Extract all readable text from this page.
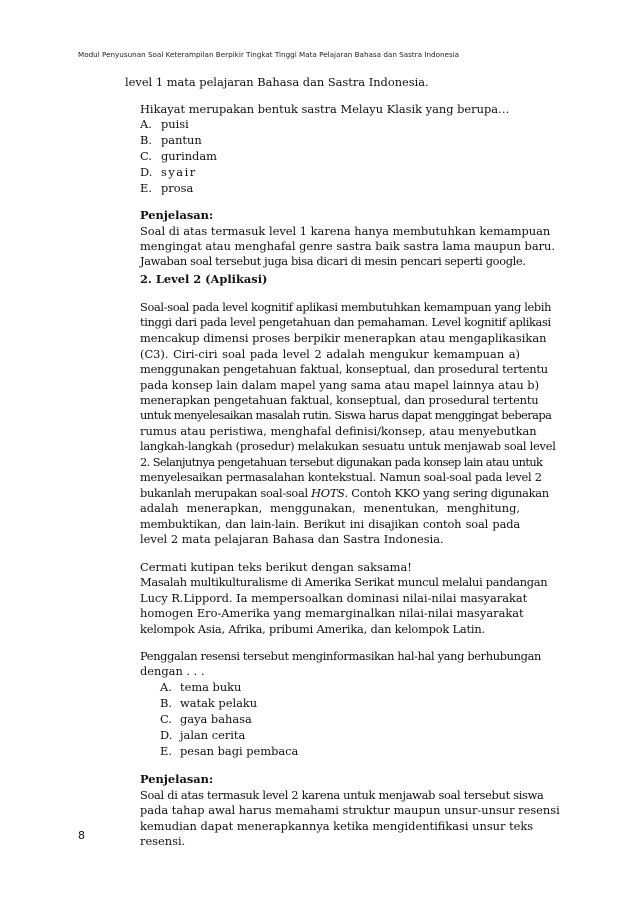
Modul Penyusunan Soal Keterampilan Berpikir Tingkat Tinggi Mata Pelajaran Bahasa dan Sastra Indonesia
level 1 mata pelajaran Bahasa dan Sastra Indonesia.
Hikayat merupakan bentuk sastra Melayu Klasik yang berupa…
A. puisi
B. pantun
C. gurindam
D. syair
E. prosa
Penjelasan:
Soal di atas termasuk level 1 karena hanya membutuhkan kemampuan
mengingat atau menghafal genre sastra baik sastra lama maupun baru.
Jawaban soal tersebut juga bisa dicari di mesin pencari seperti google.
2. Level 2 (Aplikasi)
Soal-soal pada level kognitif aplikasi membutuhkan kemampuan yang lebih
tinggi dari pada level pengetahuan dan pemahaman. Level kognitif aplikasi
mencakup dimensi proses berpikir menerapkan atau mengaplikasikan
(C3). Ciri-ciri soal pada level 2 adalah mengukur kemampuan a)
menggunakan pengetahuan faktual, konseptual, dan prosedural tertentu
pada konsep lain dalam mapel yang sama atau mapel lainnya atau b)
menerapkan pengetahuan faktual, konseptual, dan prosedural tertentu
untuk menyelesaikan masalah rutin. Siswa harus dapat menggingat beberapa
rumus atau peristiwa, menghafal definisi/konsep, atau menyebutkan
langkah-langkah (prosedur) melakukan sesuatu untuk menjawab soal level
2. Selanjutnya pengetahuan tersebut digunakan pada konsep lain atau untuk
menyelesaikan permasalahan kontekstual. Namun soal-soal pada level 2
bukanlah merupakan soal-soal HOTS. Contoh KKO yang sering digunakan
adalah menerapkan, menggunakan, menentukan, menghitung,
membuktikan, dan lain-lain. Berikut ini disajikan contoh soal pada
level 2 mata pelajaran Bahasa dan Sastra Indonesia.
Cermati kutipan teks berikut dengan saksama!
Masalah multikulturalisme di Amerika Serikat muncul melalui pandangan
Lucy R.Lippord. Ia mempersoalkan dominasi nilai-nilai masyarakat
homogen Ero-Amerika yang memarginalkan nilai-nilai masyarakat
kelompok Asia, Afrika, pribumi Amerika, dan kelompok Latin.
Penggalan resensi tersebut menginformasikan hal-hal yang berhubungan
dengan . . .
A. tema buku
B. watak pelaku
C. gaya bahasa
D. jalan cerita
E. pesan bagi pembaca
Penjelasan:
Soal di atas termasuk level 2 karena untuk menjawab soal tersebut siswa
pada tahap awal harus memahami struktur maupun unsur-unsur resensi
kemudian dapat menerapkannya ketika mengidentifikasi unsur teks
resensi.
8
